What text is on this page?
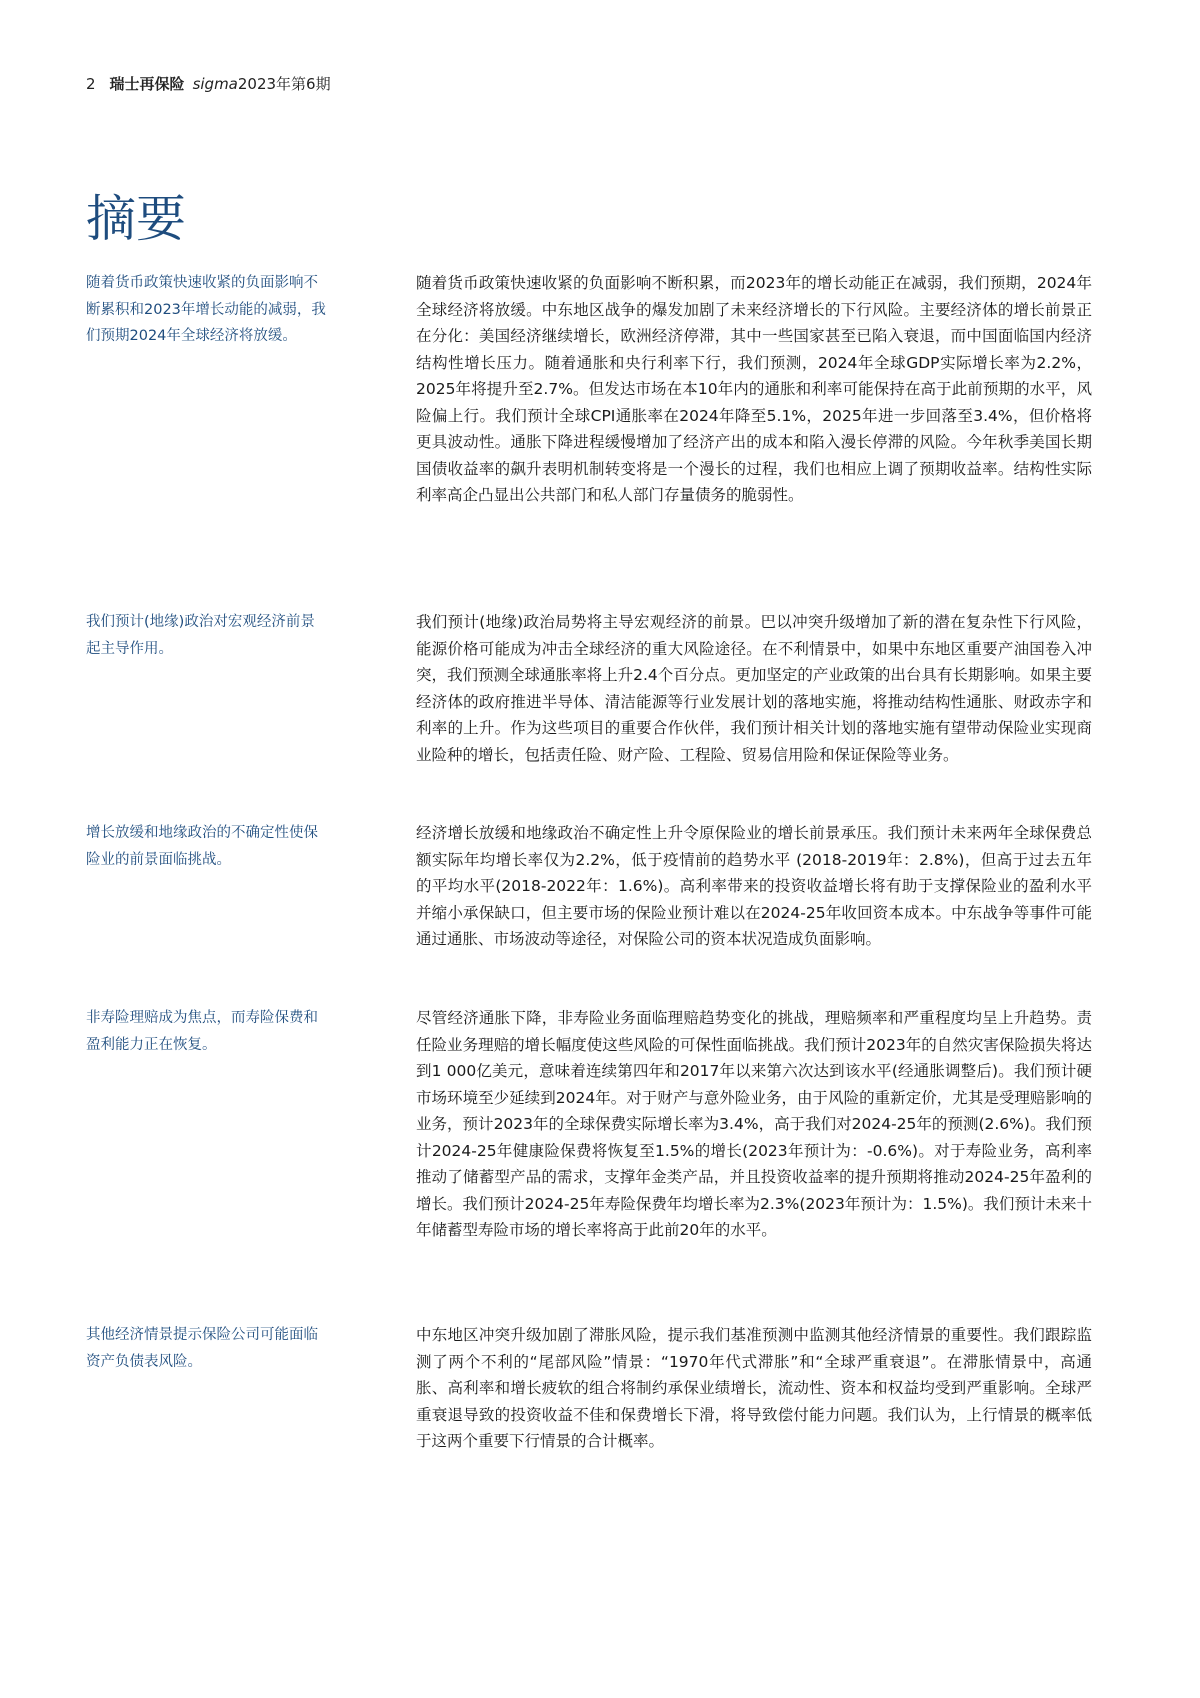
2 瑞士再保险 sigma2023年第6期
摘要

随着货币政策快速收紧的负面影响不断累积和2023年增长动能的减弱，我们预期2024年全球经济将放缓。

随着货币政策快速收紧的负面影响不断积累，而2023年的增长动能正在减弱，我们预期，2024年全球经济将放缓。中东地区战争的爆发加剧了未来经济增长的下行风险。主要经济体的增长前景正在分化：美国经济继续增长，欧洲经济停滞，其中一些国家甚至已陷入衰退，而中国面临国内经济结构性增长压力。随着通胀和央行利率下行，我们预测，2024年全球GDP实际增长率为2.2%，2025年将提升至2.7%。但发达市场在本10年内的通胀和利率可能保持在高于此前预期的水平，风险偏上行。我们预计全球CPI通胀率在2024年降至5.1%，2025年进一步回落至3.4%，但价格将更具波动性。通胀下降进程缓慢增加了经济产出的成本和陷入漫长停滞的风险。今年秋季美国长期国债收益率的飙升表明机制转变将是一个漫长的过程，我们也相应上调了预期收益率。结构性实际利率高企凸显出公共部门和私人部门存量债务的脆弱性。

我们预计(地缘)政治对宏观经济前景起主导作用。

我们预计(地缘)政治局势将主导宏观经济的前景。巴以冲突升级增加了新的潜在复杂性下行风险，能源价格可能成为冲击全球经济的重大风险途径。在不利情景中，如果中东地区重要产油国卷入冲突，我们预测全球通胀率将上升2.4个百分点。更加坚定的产业政策的出台具有长期影响。如果主要经济体的政府推进半导体、清洁能源等行业发展计划的落地实施，将推动结构性通胀、财政赤字和利率的上升。作为这些项目的重要合作伙伴，我们预计相关计划的落地实施有望带动保险业实现商业险种的增长，包括责任险、财产险、工程险、贸易信用险和保证保险等业务。

增长放缓和地缘政治的不确定性使保险业的前景面临挑战。

经济增长放缓和地缘政治不确定性上升令原保险业的增长前景承压。我们预计未来两年全球保费总额实际年均增长率仅为2.2%，低于疫情前的趋势水平 (2018-2019年：2.8%)，但高于过去五年的平均水平(2018-2022年：1.6%)。高利率带来的投资收益增长将有助于支撑保险业的盈利水平并缩小承保缺口，但主要市场的保险业预计难以在2024-25年收回资本成本。中东战争等事件可能通过通胀、市场波动等途径，对保险公司的资本状况造成负面影响。

非寿险理赔成为焦点，而寿险保费和盈利能力正在恢复。

尽管经济通胀下降，非寿险业务面临理赔趋势变化的挑战，理赔频率和严重程度均呈上升趋势。责任险业务理赔的增长幅度使这些风险的可保性面临挑战。我们预计2023年的自然灾害保险损失将达到1 000亿美元，意味着连续第四年和2017年以来第六次达到该水平(经通胀调整后)。我们预计硬市场环境至少延续到2024年。对于财产与意外险业务，由于风险的重新定价，尤其是受理赔影响的业务，预计2023年的全球保费实际增长率为3.4%，高于我们对2024-25年的预测(2.6%)。我们预计2024-25年健康险保费将恢复至1.5%的增长(2023年预计为：-0.6%)。对于寿险业务，高利率推动了储蓄型产品的需求，支撑年金类产品，并且投资收益率的提升预期将推动2024-25年盈利的增长。我们预计2024-25年寿险保费年均增长率为2.3%(2023年预计为：1.5%)。我们预计未来十年储蓄型寿险市场的增长率将高于此前20年的水平。

其他经济情景提示保险公司可能面临资产负债表风险。

中东地区冲突升级加剧了滞胀风险，提示我们基准预测中监测其他经济情景的重要性。我们跟踪监测了两个不利的“尾部风险”情景：“1970年代式滞胀”和“全球严重衰退”。在滞胀情景中，高通胀、高利率和增长疲软的组合将制约承保业绩增长，流动性、资本和权益均受到严重影响。全球严重衰退导致的投资收益不佳和保费增长下滑，将导致偿付能力问题。我们认为，上行情景的概率低于这两个重要下行情景的合计概率。
